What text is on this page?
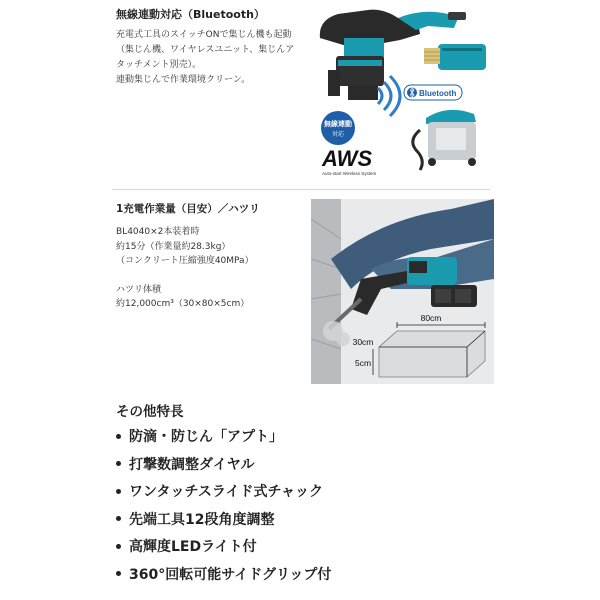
無線連動対応（Bluetooth）

充電式工具のスイッチONで集じん機も起動

（集じん機、ワイヤレスユニット、集じんア

タッチメント別売）。

連動集じんで作業環境クリーン。

Bluetooth
無線連動
対応
AWS
Auto-start Wireless System
1充電作業量（目安）／ハツリ

BL4040×2本装着時

約15分（作業量約28.3kg）

（コンクリート圧縮強度40MPa）

ハツリ体積

約12,000cm³（30×80×5cm）

80cm
30cm
5cm
その他特長
防滴・防じん「アプト」
打撃数調整ダイヤル
ワンタッチスライド式チャック
先端工具12段角度調整
高輝度LEDライト付
360°回転可能サイドグリップ付
